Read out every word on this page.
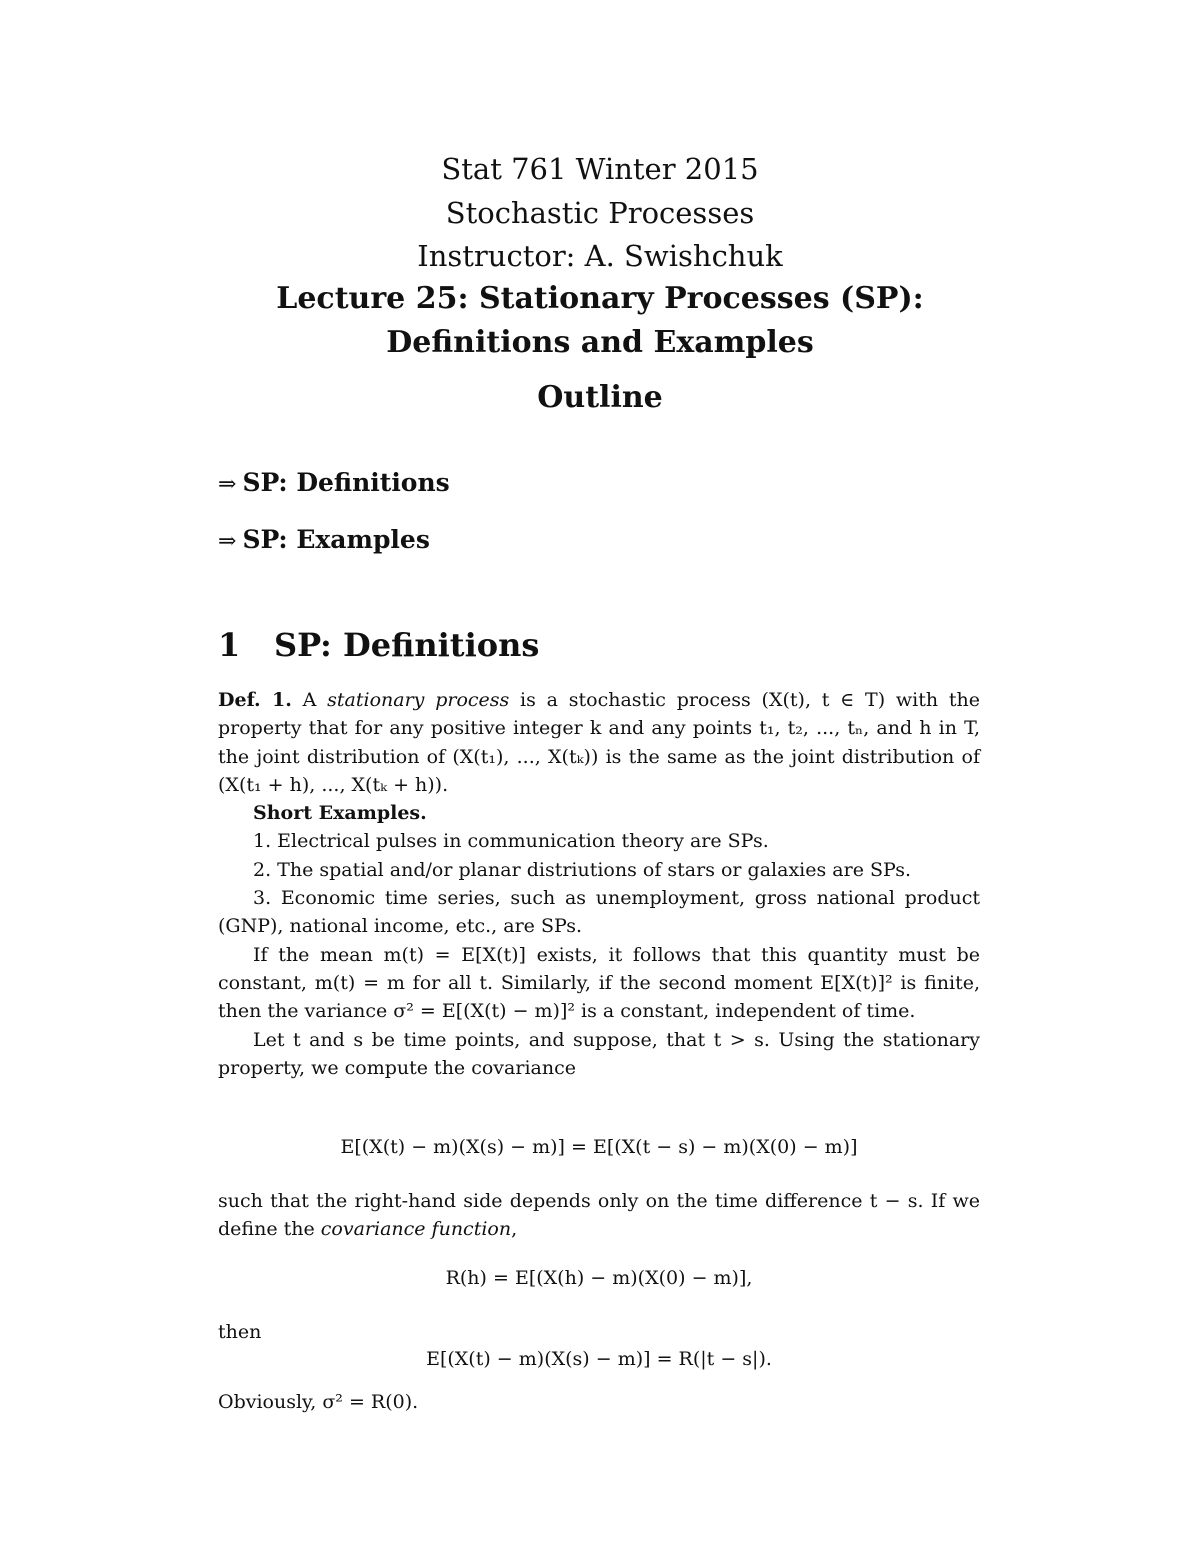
Stat 761 Winter 2015
Stochastic Processes
Instructor: A. Swishchuk
Lecture 25: Stationary Processes (SP):
Definitions and Examples
Outline
⇒ SP: Definitions
⇒ SP: Examples
1 SP: Definitions

Def. 1. A stationary process is a stochastic process (X(t), t ∈ T) with the property that for any positive integer k and any points t₁, t₂, ..., tₙ, and h in T, the joint distribution of (X(t₁), ..., X(tₖ)) is the same as the joint distribution of (X(t₁ + h), ..., X(tₖ + h)).

Short Examples.

1. Electrical pulses in communication theory are SPs.

2. The spatial and/or planar distriutions of stars or galaxies are SPs.

3. Economic time series, such as unemployment, gross national product (GNP), national income, etc., are SPs.

If the mean m(t) = E[X(t)] exists, it follows that this quantity must be constant, m(t) = m for all t. Similarly, if the second moment E[X(t)]² is finite, then the variance σ² = E[(X(t) − m)]² is a constant, independent of time.

Let t and s be time points, and suppose, that t > s. Using the stationary property, we compute the covariance

E[(X(t) − m)(X(s) − m)] = E[(X(t − s) − m)(X(0) − m)]

such that the right-hand side depends only on the time difference t − s. If we define the covariance function,

R(h) = E[(X(h) − m)(X(0) − m)],

then

E[(X(t) − m)(X(s) − m)] = R(|t − s|).

Obviously, σ² = R(0).
